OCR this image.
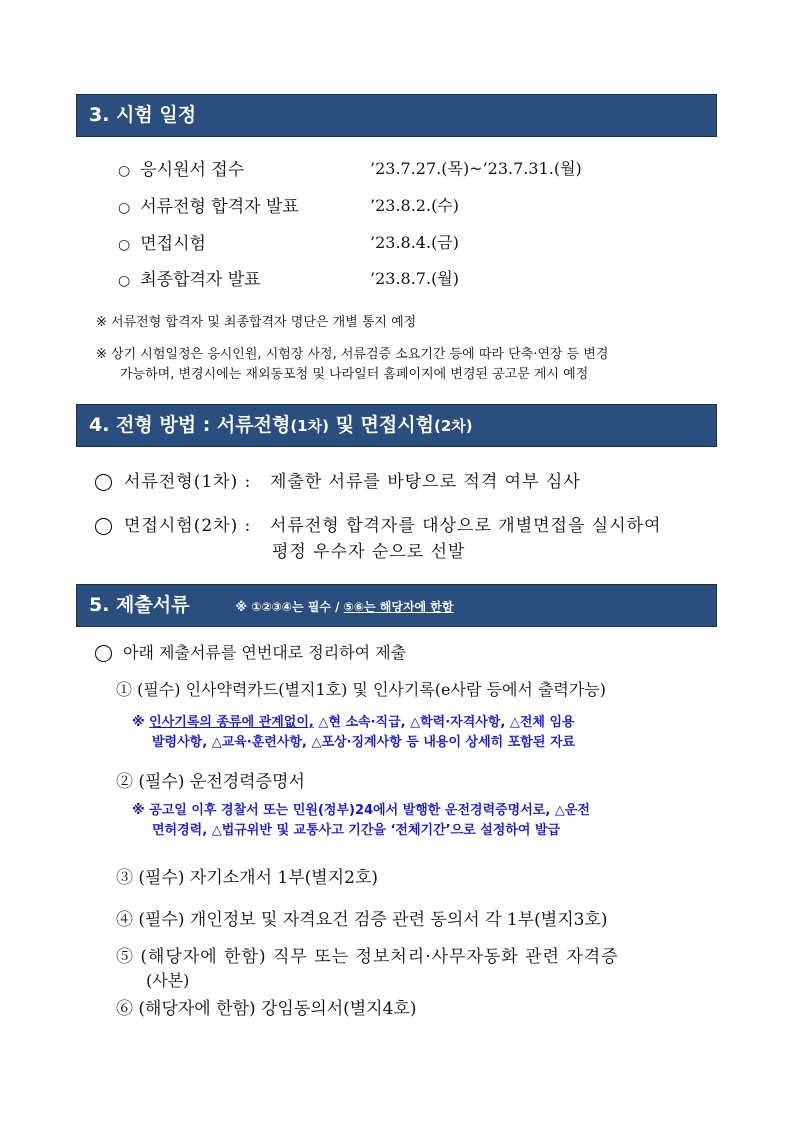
3. 시험 일정
○ 응시원서 접수	’23.7.27.(목)~’23.7.31.(월)
○ 서류전형 합격자 발표	’23.8.2.(수)
○ 면접시험	’23.8.4.(금)
○ 최종합격자 발표	’23.8.7.(월)
※ 서류전형 합격자 및 최종합격자 명단은 개별 통지 예정
※ 상기 시험일정은 응시인원, 시험장 사정, 서류검증 소요기간 등에 따라 단축·연장 등 변경
가능하며, 변경시에는 재외동포청 및 나라일터 홈페이지에 변경된 공고문 게시 예정
4. 전형 방법 : 서류전형(1차) 및 면접시험(2차)
◯ 서류전형(1차) : 제출한 서류를 바탕으로 적격 여부 심사
◯ 면접시험(2차) : 서류전형 합격자를 대상으로 개별면접을 실시하여
평정 우수자 순으로 선발
5. 제출서류	※ ①②③④는 필수 / ⑤⑥는 해당자에 한함
◯ 아래 제출서류를 연번대로 정리하여 제출
① (필수) 인사약력카드(별지1호) 및 인사기록(e사람 등에서 출력가능)
※ 인사기록의 종류에 관계없이, △현 소속·직급, △학력·자격사항, △전체 임용
발령사항, △교육·훈련사항, △포상·징계사항 등 내용이 상세히 포함된 자료
② (필수) 운전경력증명서
※ 공고일 이후 경찰서 또는 민원(정부)24에서 발행한 운전경력증명서로, △운전
면허경력, △법규위반 및 교통사고 기간을 ‘전체기간’으로 설정하여 발급
③ (필수) 자기소개서 1부(별지2호)
④ (필수) 개인정보 및 자격요건 검증 관련 동의서 각 1부(별지3호)
⑤ (해당자에 한함) 직무 또는 정보처리·사무자동화 관련 자격증
(사본)
⑥ (해당자에 한함) 강임동의서(별지4호)
